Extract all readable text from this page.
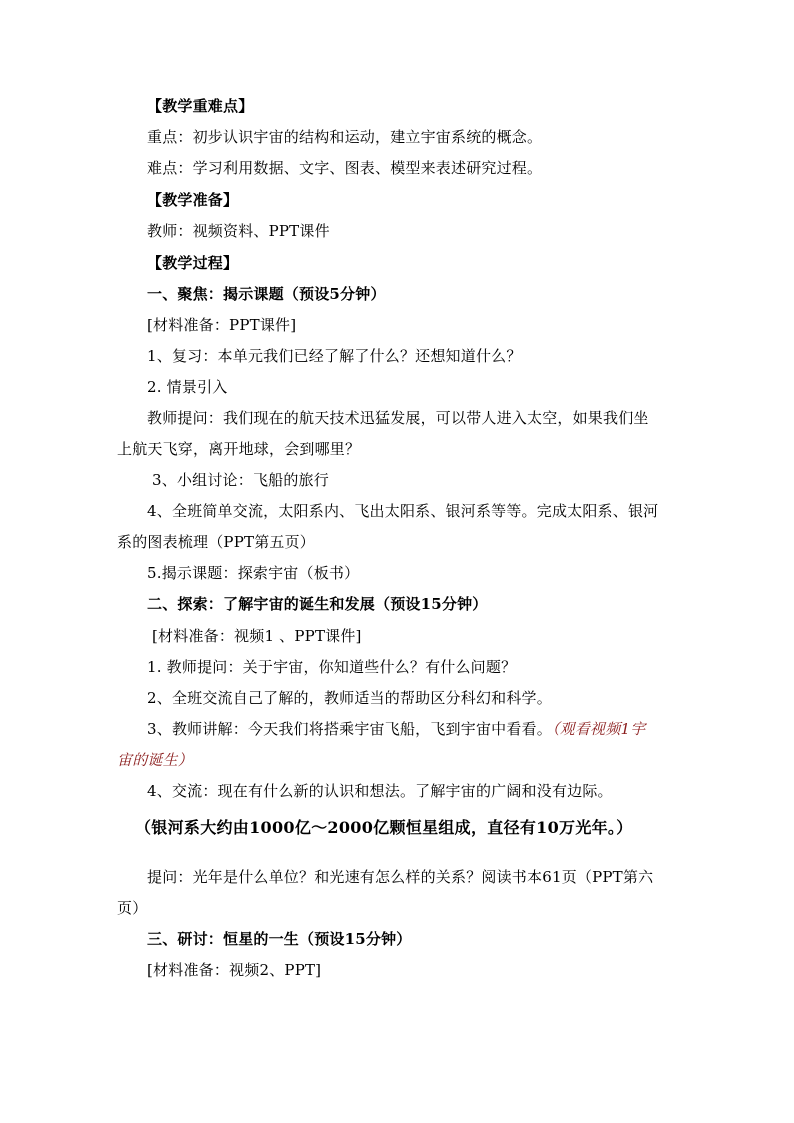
【教学重难点】
重点：初步认识宇宙的结构和运动，建立宇宙系统的概念。
难点：学习利用数据、文字、图表、模型来表述研究过程。
【教学准备】
教师：视频资料、PPT课件
【教学过程】
一、聚焦：揭示课题（预设5分钟）
[材料准备：PPT课件]
1、复习：本单元我们已经了解了什么？还想知道什么？
2. 情景引入
教师提问：我们现在的航天技术迅猛发展，可以带人进入太空，如果我们坐
上航天飞穿，离开地球，会到哪里？
3、小组讨论：飞船的旅行
4、全班简单交流，太阳系内、飞出太阳系、银河系等等。完成太阳系、银河
系的图表梳理（PPT第五页）
5.揭示课题：探索宇宙（板书）
二、探索：了解宇宙的诞生和发展（预设15分钟）
[材料准备：视频1 、PPT课件]
1. 教师提问：关于宇宙，你知道些什么？有什么问题？
2、全班交流自己了解的，教师适当的帮助区分科幻和科学。
3、教师讲解：今天我们将搭乘宇宙飞船，飞到宇宙中看看。（观看视频1宇
宙的诞生）
4、交流：现在有什么新的认识和想法。了解宇宙的广阔和没有边际。
（银河系大约由1000亿～2000亿颗恒星组成，直径有10万光年。）
提问：光年是什么单位？和光速有怎么样的关系？阅读书本61页（PPT第六
页）
三、研讨：恒星的一生（预设15分钟）
[材料准备：视频2、PPT]
